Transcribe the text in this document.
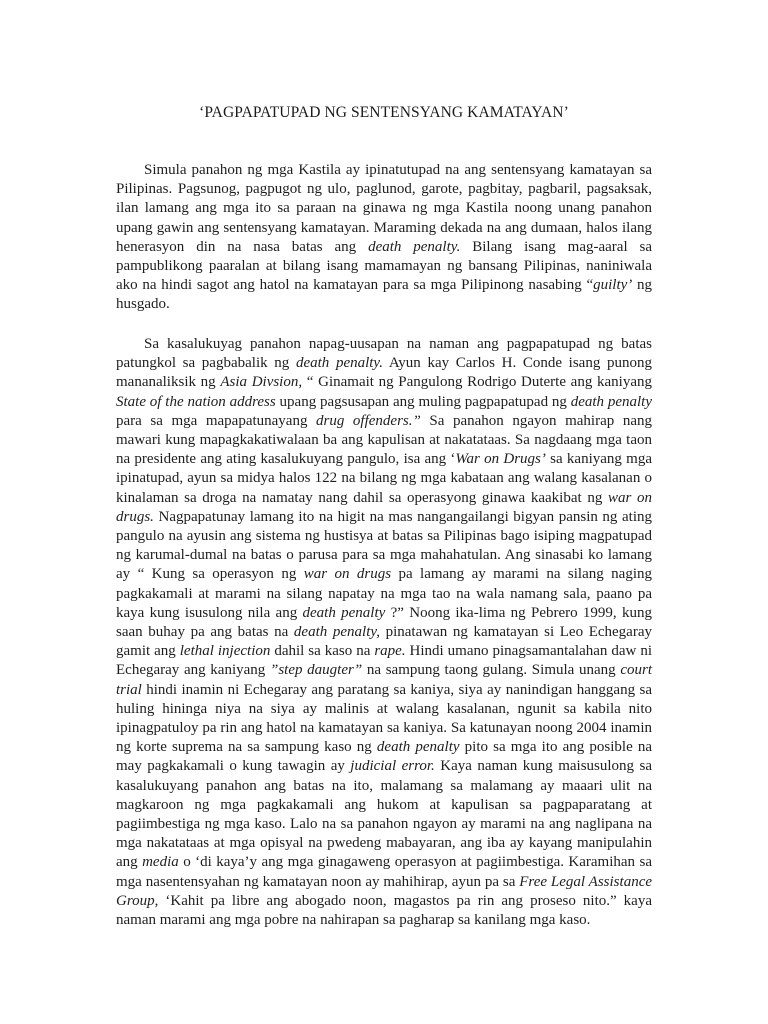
‘PAGPAPATUPAD NG SENTENSYANG KAMATAYAN’

Simula panahon ng mga Kastila ay ipinatutupad na ang sentensyang kamatayan sa Pilipinas. Pagsunog, pagpugot ng ulo, paglunod, garote, pagbitay, pagbaril, pagsaksak, ilan lamang ang mga ito sa paraan na ginawa ng mga Kastila noong unang panahon upang gawin ang sentensyang kamatayan. Maraming dekada na ang dumaan, halos ilang henerasyon din na nasa batas ang death penalty. Bilang isang mag-aaral sa pampublikong paaralan at bilang isang mamamayan ng bansang Pilipinas, naniniwala ako na hindi sagot ang hatol na kamatayan para sa mga Pilipinong nasabing “guilty’ ng husgado.

Sa kasalukuyag panahon napag-uusapan na naman ang pagpapatupad ng batas patungkol sa pagbabalik ng death penalty. Ayun kay Carlos H. Conde isang punong mananaliksik ng Asia Divsion, “ Ginamait ng Pangulong Rodrigo Duterte ang kaniyang State of the nation address upang pagsusapan ang muling pagpapatupad ng death penalty para sa mga mapapatunayang drug offenders.” Sa panahon ngayon mahirap nang mawari kung mapagkakatiwalaan ba ang kapulisan at nakatataas. Sa nagdaang mga taon na presidente ang ating kasalukuyang pangulo, isa ang ‘War on Drugs’ sa kaniyang mga ipinatupad, ayun sa midya halos 122 na bilang ng mga kabataan ang walang kasalanan o kinalaman sa droga na namatay nang dahil sa operasyong ginawa kaakibat ng war on drugs. Nagpapatunay lamang ito na higit na mas nangangailangi bigyan pansin ng ating pangulo na ayusin ang sistema ng hustisya at batas sa Pilipinas bago isiping magpatupad ng karumal-dumal na batas o parusa para sa mga mahahatulan. Ang sinasabi ko lamang ay “ Kung sa operasyon ng war on drugs pa lamang ay marami na silang naging pagkakamali at marami na silang napatay na mga tao na wala namang sala, paano pa kaya kung isusulong nila ang death penalty ?” Noong ika-lima ng Pebrero 1999, kung saan buhay pa ang batas na death penalty, pinatawan ng kamatayan si Leo Echegaray gamit ang lethal injection dahil sa kaso na rape. Hindi umano pinagsamantalahan daw ni Echegaray ang kaniyang ”step daugter” na sampung taong gulang. Simula unang court trial hindi inamin ni Echegaray ang paratang sa kaniya, siya ay nanindigan hanggang sa huling hininga niya na siya ay malinis at walang kasalanan, ngunit sa kabila nito ipinagpatuloy pa rin ang hatol na kamatayan sa kaniya. Sa katunayan noong 2004 inamin ng korte suprema na sa sampung kaso ng death penalty pito sa mga ito ang posible na may pagkakamali o kung tawagin ay judicial error. Kaya naman kung maisusulong sa kasalukuyang panahon ang batas na ito, malamang sa malamang ay maaari ulit na magkaroon ng mga pagkakamali ang hukom at kapulisan sa pagpaparatang at pagiimbestiga ng mga kaso. Lalo na sa panahon ngayon ay marami na ang naglipana na mga nakatataas at mga opisyal na pwedeng mabayaran, ang iba ay kayang manipulahin ang media o ‘di kaya’y ang mga ginagaweng operasyon at pagiimbestiga. Karamihan sa mga nasentensyahan ng kamatayan noon ay mahihirap, ayun pa sa Free Legal Assistance Group, ‘Kahit pa libre ang abogado noon, magastos pa rin ang proseso nito.” kaya naman marami ang mga pobre na nahirapan sa pagharap sa kanilang mga kaso.
